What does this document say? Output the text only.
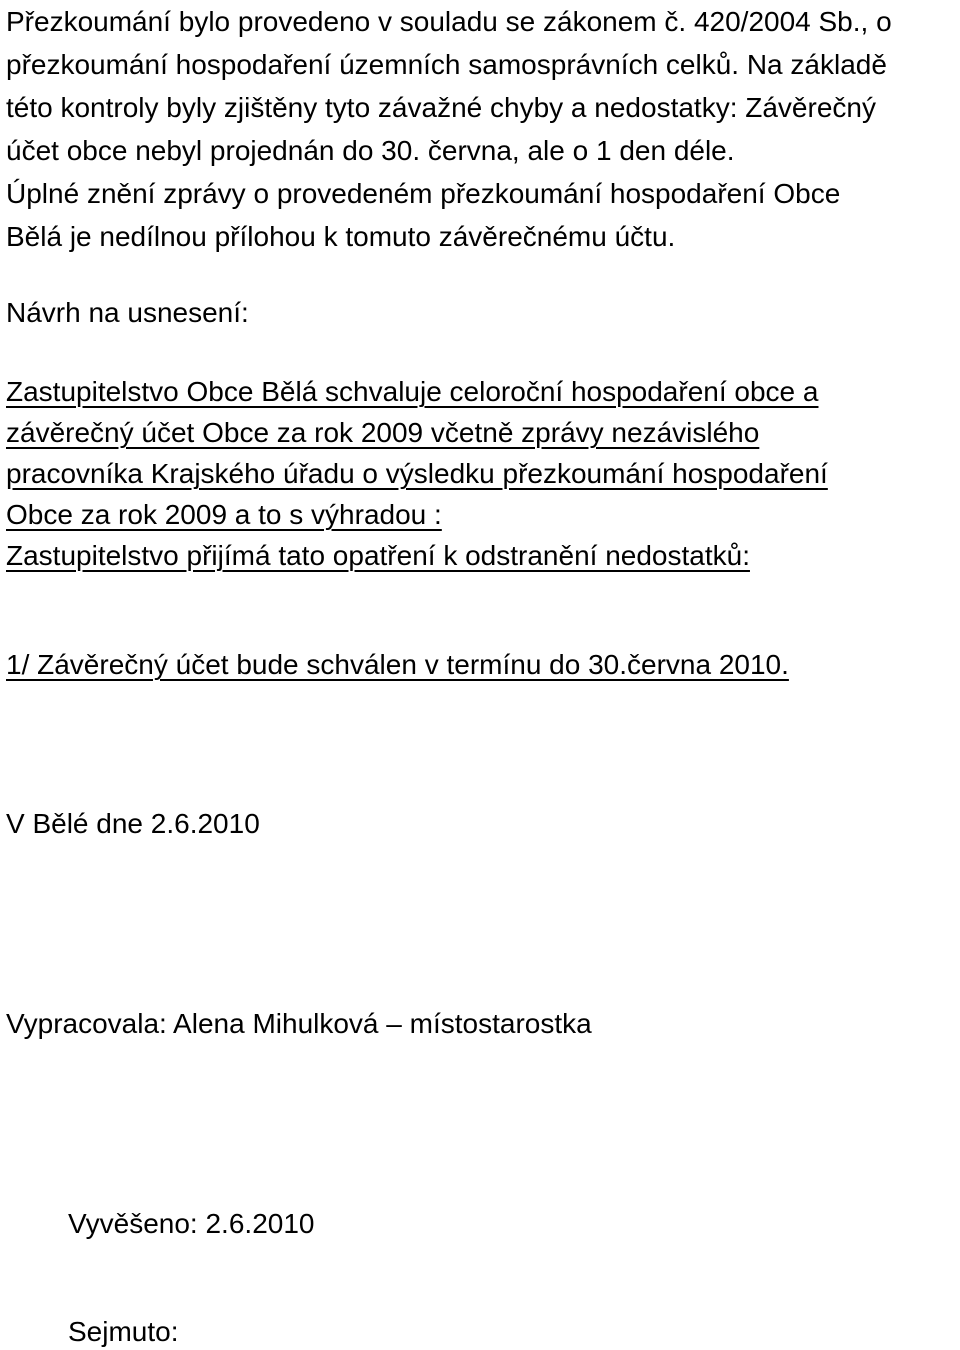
Přezkoumání bylo provedeno v souladu se zákonem č. 420/2004 Sb., o

přezkoumání hospodaření územních samosprávních celků. Na základě

této kontroly byly zjištěny tyto závažné chyby a nedostatky: Závěrečný

účet obce nebyl projednán do 30. června, ale o 1 den déle.

Úplné znění zprávy o provedeném přezkoumání hospodaření Obce

Bělá je nedílnou přílohou k tomuto závěrečnému účtu.

Návrh na usnesení:

Zastupitelstvo Obce Bělá schvaluje celoroční hospodaření obce a

závěrečný účet Obce za rok 2009 včetně zprávy nezávislého

pracovníka Krajského úřadu o výsledku přezkoumání hospodaření

Obce za rok 2009 a to s výhradou :

Zastupitelstvo přijímá tato opatření k odstranění nedostatků:

1/ Závěrečný účet bude schválen v termínu do 30.června 2010.

V Bělé dne 2.6.2010

Vypracovala: Alena Mihulková – místostarostka

Vyvěšeno: 2.6.2010

Sejmuto:
